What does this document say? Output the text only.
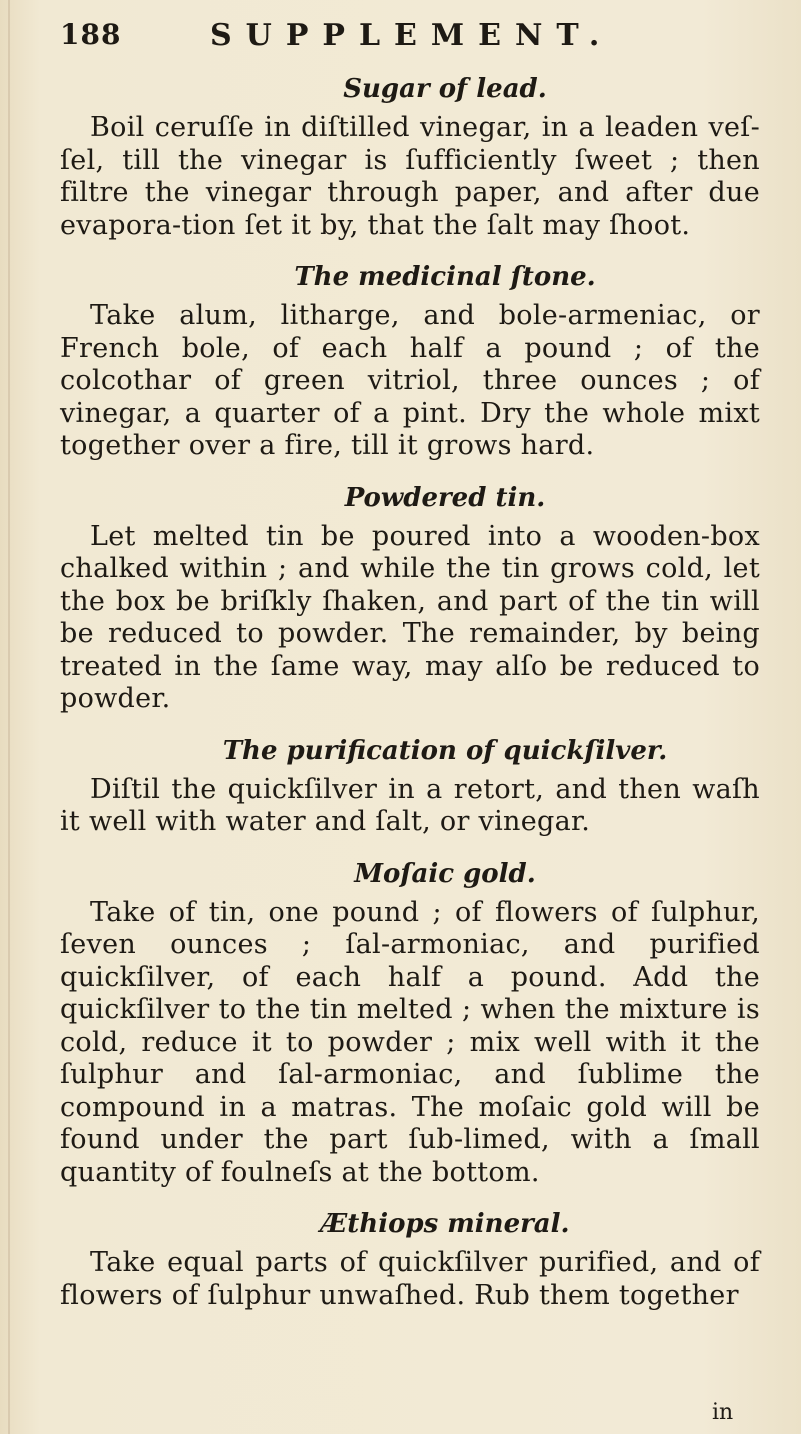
188	SUPPLEMENT.
Sugar of lead.

Boil ceruſſe in diſtilled vinegar, in a leaden veſ-ſel, till the vinegar is ſufficiently ſweet ; then filtre the vinegar through paper, and after due evapora-tion ſet it by, that the ſalt may ſhoot.

The medicinal ſtone.

Take alum, litharge, and bole-armeniac, or French bole, of each half a pound ; of the colcothar of green vitriol, three ounces ; of vinegar, a quarter of a pint. Dry the whole mixt together over a fire, till it grows hard.

Powdered tin.

Let melted tin be poured into a wooden-box chalked within ; and while the tin grows cold, let the box be briſkly ſhaken, and part of the tin will be reduced to powder. The remainder, by being treated in the ſame way, may alſo be reduced to powder.

The purification of quickſilver.

Diſtil the quickſilver in a retort, and then waſh it well with water and ſalt, or vinegar.

Moſaic gold.

Take of tin, one pound ; of flowers of ſulphur, ſeven ounces ; ſal-armoniac, and purified quickſilver, of each half a pound. Add the quickſilver to the tin melted ; when the mixture is cold, reduce it to powder ; mix well with it the ſulphur and ſal-armoniac, and ſublime the compound in a matras. The moſaic gold will be found under the part ſub-limed, with a ſmall quantity of foulneſs at the bottom.

Æthiops mineral.

Take equal parts of quickſilver purified, and of flowers of ſulphur unwaſhed. Rub them together

in
